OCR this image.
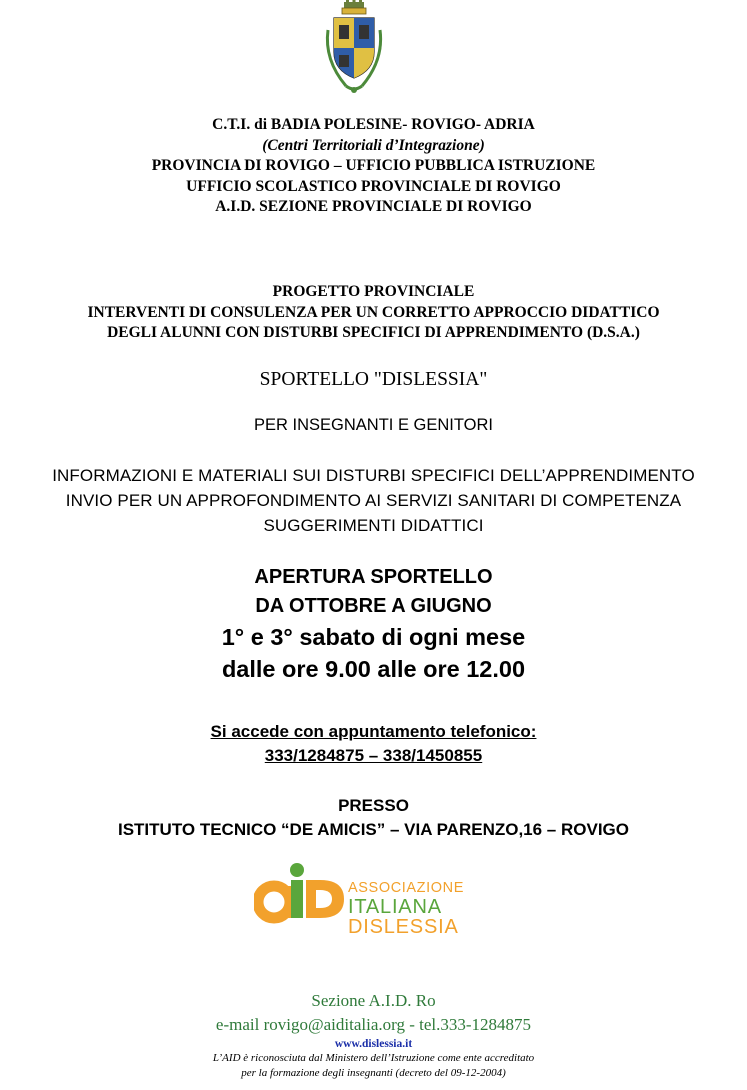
C.T.I. di BADIA POLESINE- ROVIGO- ADRIA
(Centri Territoriali d’Integrazione)
PROVINCIA DI ROVIGO – UFFICIO PUBBLICA ISTRUZIONE
UFFICIO SCOLASTICO PROVINCIALE DI ROVIGO
A.I.D. SEZIONE PROVINCIALE DI ROVIGO
PROGETTO PROVINCIALE
INTERVENTI DI CONSULENZA PER UN CORRETTO APPROCCIO DIDATTICO
DEGLI ALUNNI CON DISTURBI SPECIFICI DI APPRENDIMENTO (D.S.A.)
SPORTELLO "DISLESSIA"
PER INSEGNANTI E GENITORI
INFORMAZIONI E MATERIALI SUI DISTURBI SPECIFICI DELL’APPRENDIMENTO
INVIO PER UN APPROFONDIMENTO AI SERVIZI SANITARI DI COMPETENZA
SUGGERIMENTI DIDATTICI
APERTURA SPORTELLO
DA OTTOBRE A GIUGNO
1° e 3° sabato di ogni mese
dalle ore 9.00 alle ore 12.00
Si accede con appuntamento telefonico:
333/1284875 – 338/1450855
PRESSO
ISTITUTO TECNICO “DE AMICIS” – VIA PARENZO,16 – ROVIGO
ASSOCIAZIONE
ITALIANA
DISLESSIA
Sezione A.I.D. Ro
e-mail rovigo@aiditalia.org - tel.333-1284875
www.dislessia.it
L’AID è riconosciuta dal Ministero dell’Istruzione come ente accreditato
per la formazione degli insegnanti (decreto del 09-12-2004)
